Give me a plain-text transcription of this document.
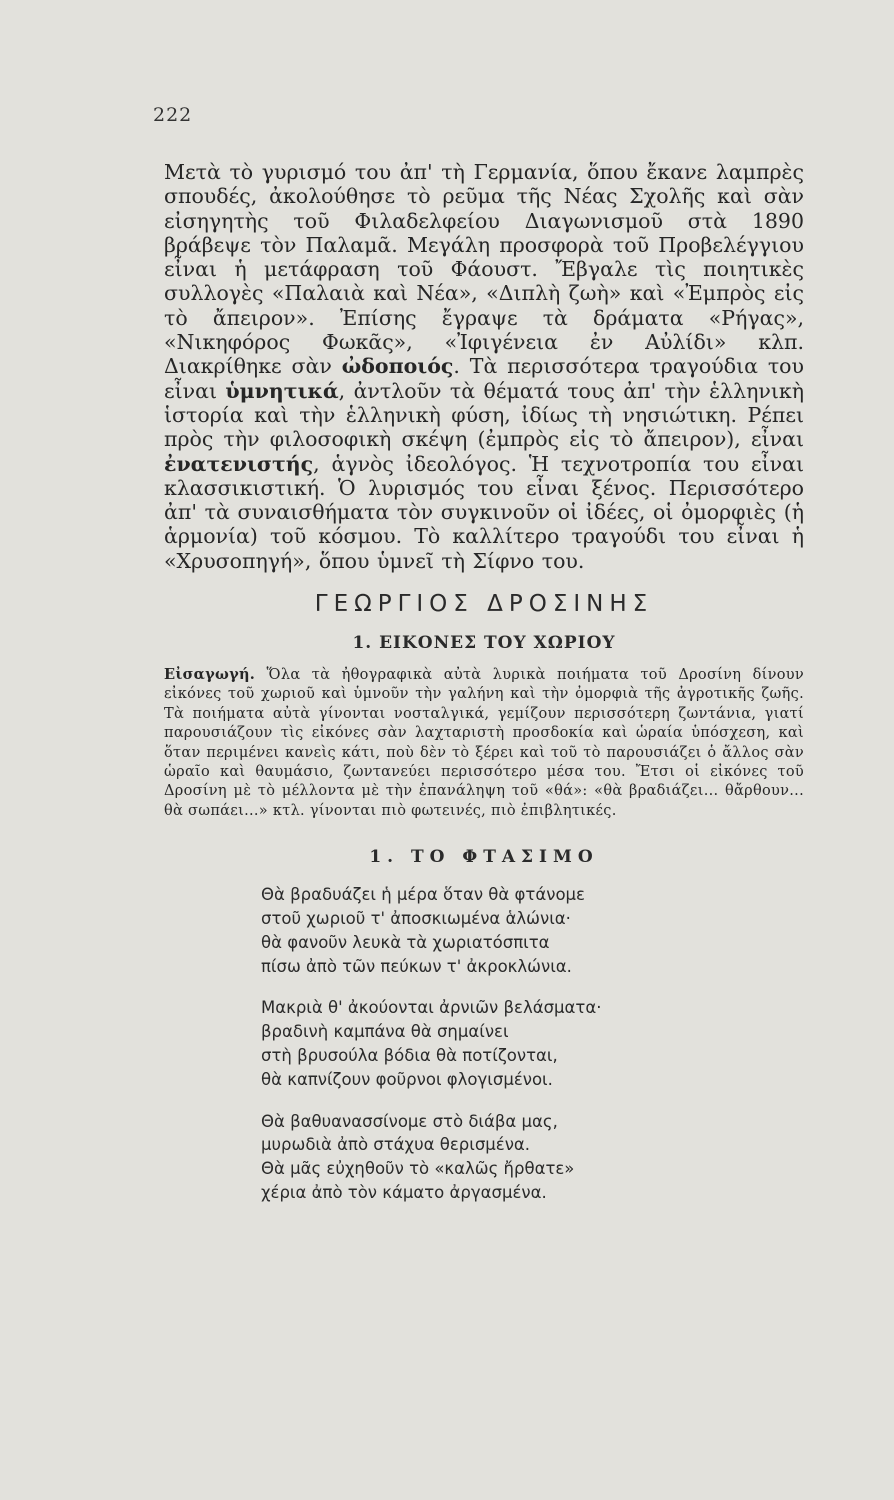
222

Μετὰ τὸ γυρισμό του ἀπ' τὴ Γερμανία, ὅπου ἔκανε λαμπρὲς σπουδές, ἀκολούθησε τὸ ρεῦμα τῆς Νέας Σχολῆς καὶ σὰν εἰσηγητὴς τοῦ Φιλαδελφείου Διαγωνισμοῦ στὰ 1890 βράβεψε τὸν Παλαμᾶ. Μεγάλη προσφορὰ τοῦ Προβελέγγιου εἶναι ἡ μετάφραση τοῦ Φάουστ. Ἔβγαλε τὶς ποιητικὲς συλλογὲς «Παλαιὰ καὶ Νέα», «Διπλὴ ζωὴ» καὶ «Ἐμπρὸς εἰς τὸ ἄπειρον». Ἐπίσης ἔγραψε τὰ δράματα «Ρήγας», «Νικηφόρος Φωκᾶς», «Ἰφιγένεια ἐν Αὐλίδι» κλπ. Διακρίθηκε σὰν ὠδοποιός. Τὰ περισσότερα τραγούδια του εἶναι ὑμνητικά, ἀντλοῦν τὰ θέματά τους ἀπ' τὴν ἑλληνικὴ ἱστορία καὶ τὴν ἑλληνικὴ φύση, ἰδίως τὴ νησιώτικη. Ρέπει πρὸς τὴν φιλοσοφικὴ σκέψη (ἐμπρὸς εἰς τὸ ἄπειρον), εἶναι ἐνατενιστής, ἁγνὸς ἰδεολόγος. Ἡ τεχνοτροπία του εἶναι κλασσικιστική. Ὁ λυρισμός του εἶναι ξένος. Περισσότερο ἀπ' τὰ συναισθήματα τὸν συγκινοῦν οἱ ἰδέες, οἱ ὀμορφιὲς (ἡ ἁρμονία) τοῦ κόσμου. Τὸ καλλίτερο τραγούδι του εἶναι ἡ «Χρυσοπηγή», ὅπου ὑμνεῖ τὴ Σίφνο του.

ΓΕΩΡΓΙΟΣ ΔΡΟΣΙΝΗΣ
1. ΕΙΚΟΝΕΣ ΤΟΥ ΧΩΡΙΟΥ

Εἰσαγωγή. Ὅλα τὰ ἠθογραφικὰ αὐτὰ λυρικὰ ποιήματα τοῦ Δροσίνη δίνουν εἰκόνες τοῦ χωριοῦ καὶ ὑμνοῦν τὴν γαλήνη καὶ τὴν ὀμορφιὰ τῆς ἀγροτικῆς ζωῆς. Τὰ ποιήματα αὐτὰ γίνονται νοσταλγικά, γεμίζουν περισσότερη ζωντάνια, γιατί παρουσιάζουν τὶς εἰκόνες σὰν λαχταριστὴ προσδοκία καὶ ὡραία ὑπόσχεση, καὶ ὅταν περιμένει κανεὶς κάτι, ποὺ δὲν τὸ ξέρει καὶ τοῦ τὸ παρουσιάζει ὁ ἄλλος σὰν ὡραῖο καὶ θαυμάσιο, ζωντανεύει περισσότερο μέσα του. Ἔτσι οἱ εἰκόνες τοῦ Δροσίνη μὲ τὸ μέλλοντα μὲ τὴν ἐπανάληψη τοῦ «θά»: «θὰ βραδιάζει... θἄρθουν... θὰ σωπάει...» κτλ. γίνονται πιὸ φωτεινές, πιὸ ἐπιβλητικές.

1. ΤΟ ΦΤΑΣΙΜΟ
Θὰ βραδυάζει ἡ μέρα ὅταν θὰ φτάνομε
στοῦ χωριοῦ τ' ἀποσκιωμένα ἁλώνια·
θὰ φανοῦν λευκὰ τὰ χωριατόσπιτα
πίσω ἀπὸ τῶν πεύκων τ' ἀκροκλώνια.
Μακριὰ θ' ἀκούονται ἀρνιῶν βελάσματα·
βραδινὴ καμπάνα θὰ σημαίνει
στὴ βρυσούλα βόδια θὰ ποτίζονται,
θὰ καπνίζουν φοῦρνοι φλογισμένοι.
Θὰ βαθυανασσίνομε στὸ διάβα μας,
μυρωδιὰ ἀπὸ στάχυα θερισμένα.
Θὰ μᾶς εὐχηθοῦν τὸ «καλῶς ἤρθατε»
χέρια ἀπὸ τὸν κάματο ἀργασμένα.
